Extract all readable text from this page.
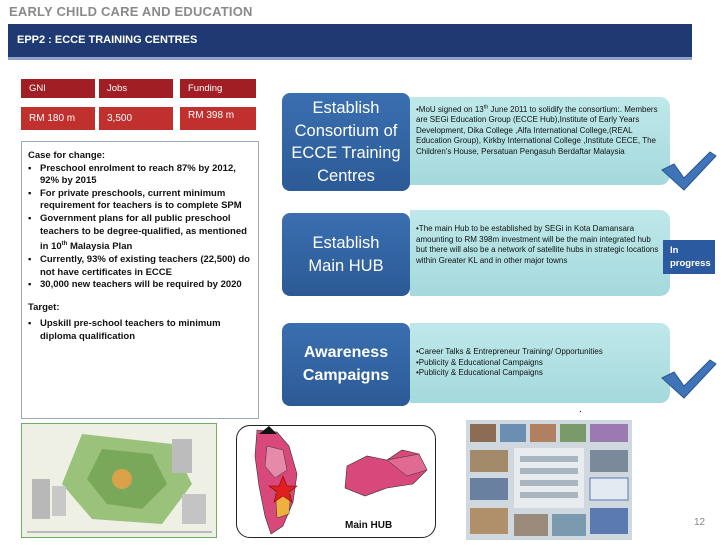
EARLY CHILD CARE AND EDUCATION
EPP2 : ECCE TRAINING CENTRES
GNI	Jobs	Funding
RM 180 m	3,500	RM 398 m
Case for change:
▪ Preschool enrolment to reach 87% by 2012, 92% by 2015
▪ For private preschools, current minimum requirement for teachers is to complete SPM
▪ Government plans for all public preschool teachers to be degree-qualified, as mentioned in 10th Malaysia Plan
▪ Currently, 93% of existing teachers (22,500) do not have certificates in ECCE
▪ 30,000 new teachers will be required by 2020
Target:
• Upskill pre-school teachers to minimum diploma qualification
Establish Consortium of ECCE Training Centres
•MoU signed on 13th June 2011 to solidify the consortium:. Members are SEGi Education Group (ECCE Hub),Institute of Early Years Development, Dika College ,Alfa International College,(REAL Education Group), Kirkby International College ,Institute CECE, The Children's House, Persatuan Pengasuh Berdaftar Malaysia
Establish Main HUB
•The main Hub to be established by SEGi in Kota Damansara amounting to RM 398m investment will be the main integrated hub but there will also be a network of satellite hubs in strategic locations within Greater KL and in other major towns
In progress
Awareness Campaigns
•Career Talks & Entrepreneur Training/ Opportunities
•Publicity & Educational Campaigns
•Publicity & Educational Campaigns
.
Main HUB	12
